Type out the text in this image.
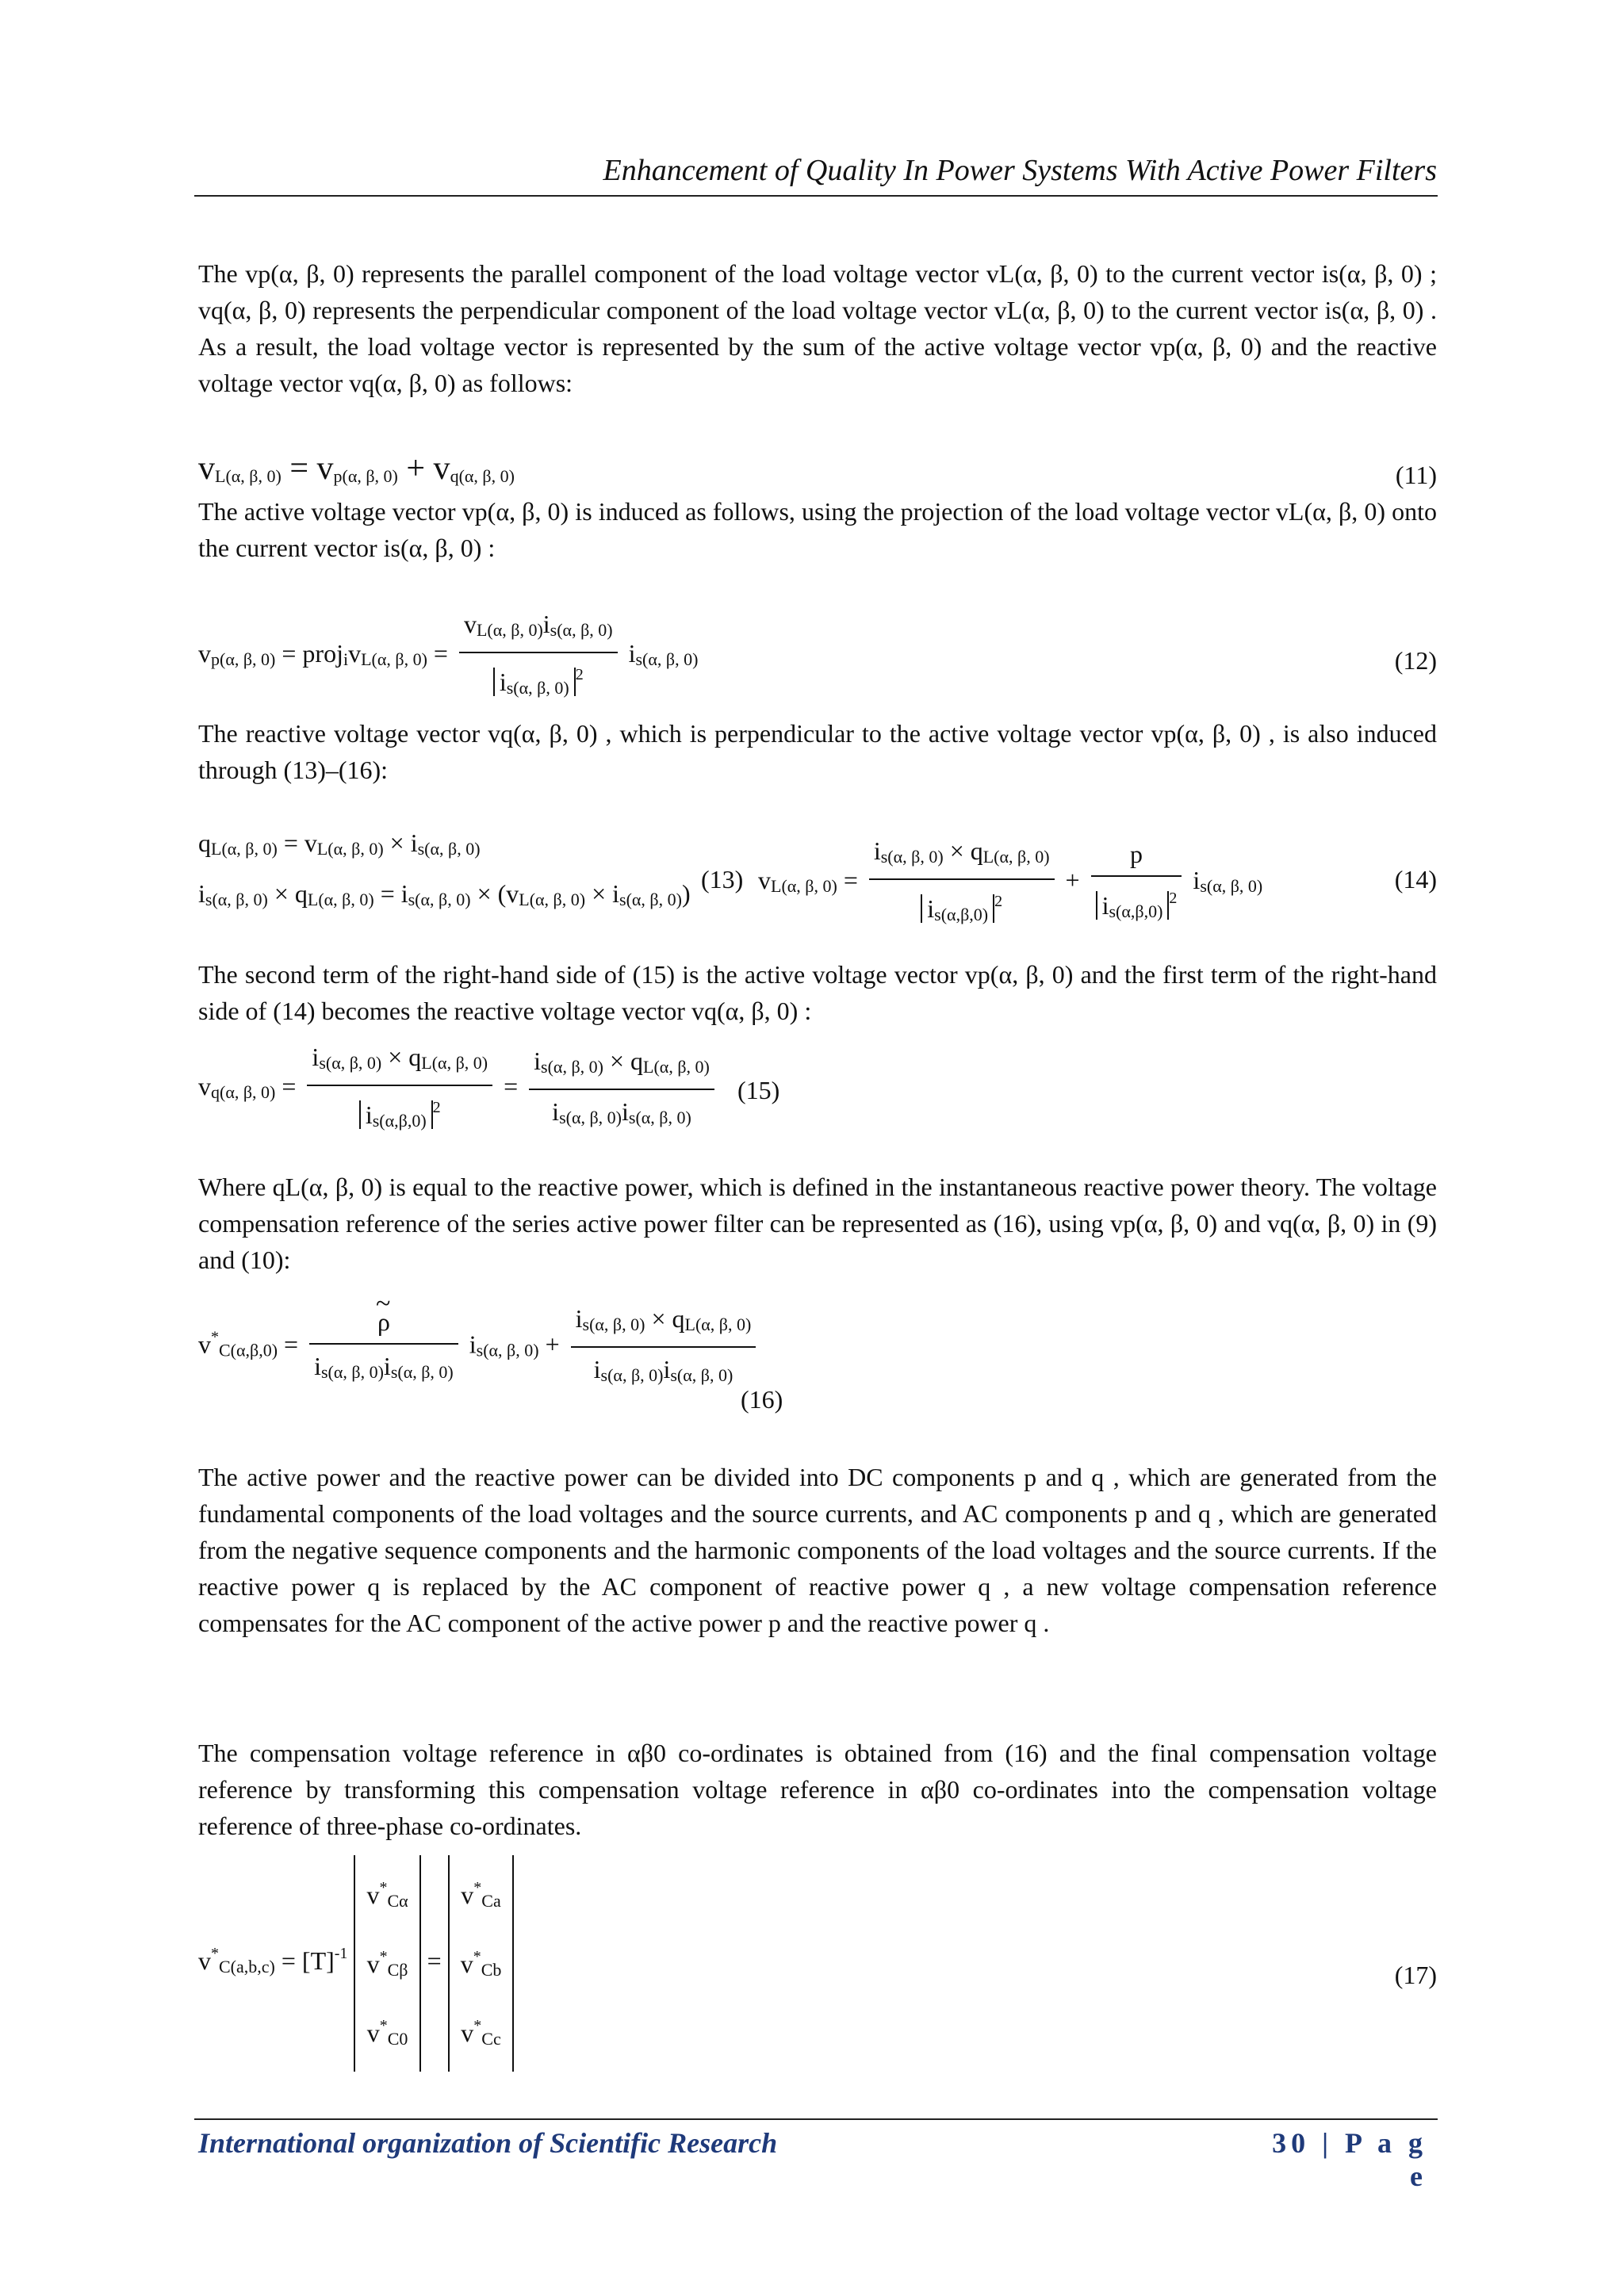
Enhancement of Quality In Power Systems With Active Power Filters

The vp(α, β, 0) represents the parallel component of the load voltage vector vL(α, β, 0) to the current vector is(α, β, 0) ; vq(α, β, 0) represents the perpendicular component of the load voltage vector vL(α, β, 0) to the current vector is(α, β, 0) . As a result, the load voltage vector is represented by the sum of the active voltage vector vp(α, β, 0) and the reactive voltage vector vq(α, β, 0) as follows:

vL(α, β, 0) = vp(α, β, 0) + vq(α, β, 0)	(11)

The active voltage vector vp(α, β, 0) is induced as follows, using the projection of the load voltage vector vL(α, β, 0) onto the current vector is(α, β, 0) :

vp(α, β, 0) = projivL(α, β, $0) = \frac{vL(\alpha, \beta, 0)is(\alpha, \beta, 0)}{is(\alpha, \beta, 0)^2} is(\alpha$, β, 0)	(12)

The reactive voltage vector vq(α, β, 0) , which is perpendicular to the active voltage vector vp(α, β, 0) , is also induced through (13)–(16):

qL(α, β, 0) = vL(α, β, 0) × is(α, β, 0)
is(α, β, 0) × qL(α, β, 0) = is(α, β, 0) × (vL(α, β, 0) × is(α, β, 0)) (13) vL(α, β, $0) = \frac{is(\alpha, \beta, 0) \times qL(\alpha, \beta, 0)}{is(\alpha,\beta,0)^2} + \frac{p}{is(\alpha,\beta,0)^2} is(\alpha$, β, 0)	(14)

The second term of the right-hand side of (15) is the active voltage vector vp(α, β, 0) and the first term of the right-hand side of (14) becomes the reactive voltage vector vq(α, β, 0) :

vq(α, β, $0) = \frac{is(\alpha, \beta, 0) \times qL(\alpha, \beta, 0)}{is(\alpha,\beta,0)^2} = \frac{is(\alpha, \beta, 0) \times qL(\alpha, \beta, 0)}{is(\alpha, \beta, 0)is(\alpha, \beta, 0)} (15)$

Where qL(α, β, 0) is equal to the reactive power, which is defined in the instantaneous reactive power theory. The voltage compensation reference of the series active power filter can be represented as (16), using vp(α, β, 0) and vq(α, β, 0) in (9) and (10):

v*C(α,β,0) =
~ $\frac{\rho}{is(\alpha, \beta, 0)is(\alpha, \beta, 0)} is(\alpha$, β, $0) + \frac{is(\alpha, \beta, 0) \times qL(\alpha, \beta, 0)}{is(\alpha, \beta, 0)is(\alpha, \beta, 0)}$
(16)

The active power and the reactive power can be divided into DC components p and q , which are generated from the fundamental components of the load voltages and the source currents, and AC components p and q , which are generated from the negative sequence components and the harmonic components of the load voltages and the source currents. If the reactive power q is replaced by the AC component of reactive power q , a new voltage compensation reference compensates for the AC component of the active power p and the reactive power q .

The compensation voltage reference in αβ0 co-ordinates is obtained from (16) and the final compensation voltage reference by transforming this compensation voltage reference in αβ0 co-ordinates into the compensation voltage reference of three-phase co-ordinates.

$v^*C(a,b,c) = [T]^{-1}$ v*Cα
v*Cβ
v*C0 = v*Ca
v*Cb
v*Cc
(17)
International organization of Scientific Research	30 | P a g e
